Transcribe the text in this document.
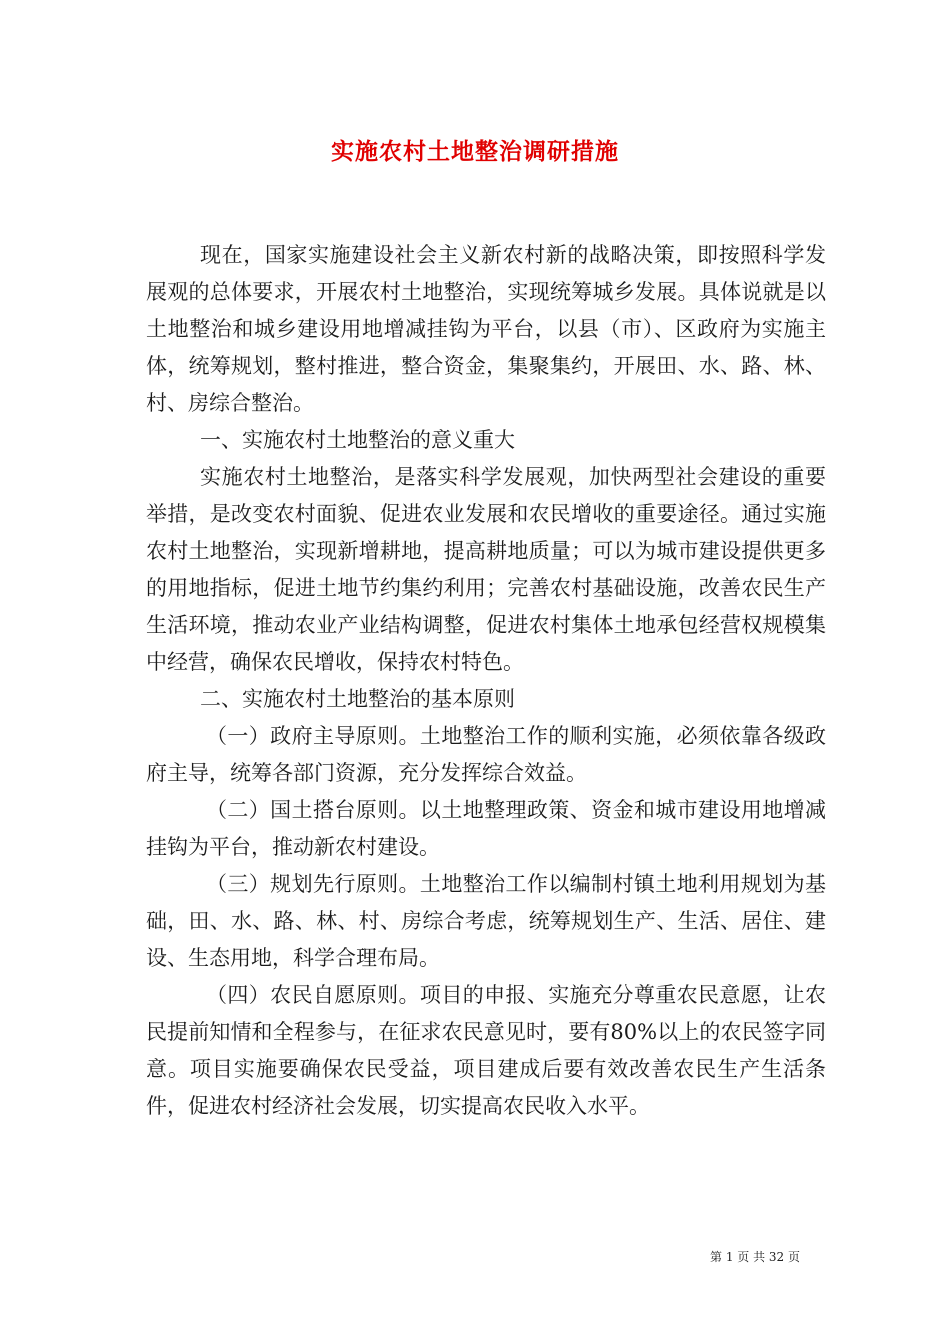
实施农村土地整治调研措施

现在，国家实施建设社会主义新农村新的战略决策，即按照科学发展观的总体要求，开展农村土地整治，实现统筹城乡发展。具体说就是以土地整治和城乡建设用地增减挂钩为平台，以县（市）、区政府为实施主体，统筹规划，整村推进，整合资金，集聚集约，开展田、水、路、林、村、房综合整治。

一、实施农村土地整治的意义重大

实施农村土地整治，是落实科学发展观，加快两型社会建设的重要举措，是改变农村面貌、促进农业发展和农民增收的重要途径。通过实施农村土地整治，实现新增耕地，提高耕地质量；可以为城市建设提供更多的用地指标，促进土地节约集约利用；完善农村基础设施，改善农民生产生活环境，推动农业产业结构调整，促进农村集体土地承包经营权规模集中经营，确保农民增收，保持农村特色。

二、实施农村土地整治的基本原则

（一）政府主导原则。土地整治工作的顺利实施，必须依靠各级政府主导，统筹各部门资源，充分发挥综合效益。

（二）国土搭台原则。以土地整理政策、资金和城市建设用地增减挂钩为平台，推动新农村建设。

（三）规划先行原则。土地整治工作以编制村镇土地利用规划为基础，田、水、路、林、村、房综合考虑，统筹规划生产、生活、居住、建设、生态用地，科学合理布局。

（四）农民自愿原则。项目的申报、实施充分尊重农民意愿，让农民提前知情和全程参与，在征求农民意见时，要有80%以上的农民签字同意。项目实施要确保农民受益，项目建成后要有效改善农民生产生活条件，促进农村经济社会发展，切实提高农民收入水平。

第 1 页 共 32 页
